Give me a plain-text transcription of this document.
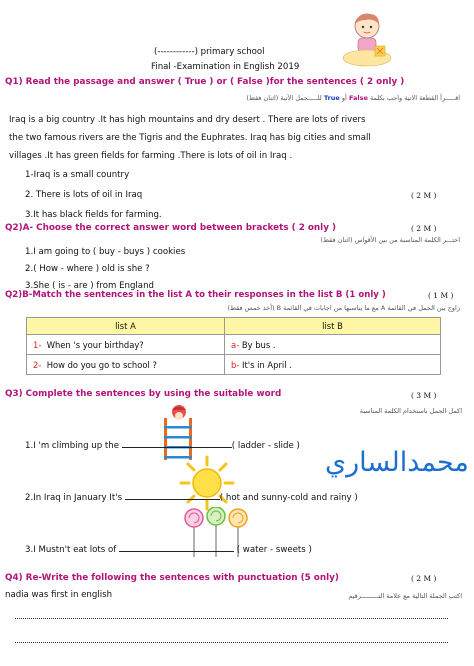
(------------) primary school
Final -Examination in English 2019
Q1) Read the passage and answer ( True ) or ( False )for the sentences ( 2 only )
اقـــــرأ القطعة الاتية واجب بكلمة False أو True للـــــجمل الآتية (اثنان فقط)
Iraq is a big country .It has high mountains and dry desert . There are lots of rivers
the two famous rivers are the Tigris and the Euphrates. Iraq has big cities and small
villages .It has green fields for farming .There is lots of oil in Iraq .
1-Iraq is a small country
2. There is lots of oil in Iraq	( 2 M )
3.It has black fields for farming.
Q2)A- Choose the correct answer word between brackets ( 2 only )	( 2 M )
اختـــر الكلمة المناسبة من بين الأقواس (اثنان فقط)
1.I am going to ( buy - buys ) cookies
2.( How - where ) old is she ?
3.She ( is - are ) from England
Q2)B-Match the sentences in the list A to their responses in the list B (1 only )	( 1 M )
زاوج بين الجمل في القائمة A مع ما يناسبها من اجابات في القائمة B (أخذ خمس فقط)
list A	list B
1- When 's your birthday?	a- By bus .
2- How do you go to school ?	b- It's in April .
Q3) Complete the sentences by using the suitable word	( 3 M )
اكمل الجمل باستخدام الكلمة المناسبة
1.I 'm climbing up the	( ladder - slide )
محمدالساري
2.In Iraq in January It's	( hot and sunny-cold and rainy )
3.I Mustn't eat lots of	( water - sweets )
Q4) Re-Write the following the sentences with punctuation (5 only)	( 2 M )
nadia was first in english	اكتب الجملة التالية مع علامة التـــــــــرقيم
